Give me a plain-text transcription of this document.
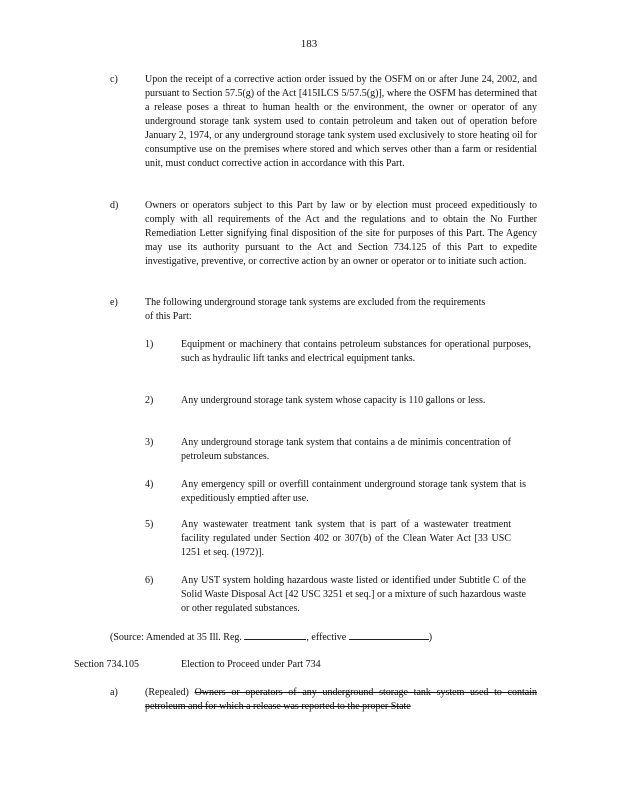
183
c)	Upon the receipt of a corrective action order issued by the OSFM on or after June 24, 2002, and pursuant to Section 57.5(g) of the Act [415ILCS 5/57.5(g)], where the OSFM has determined that a release poses a threat to human health or the environment, the owner or operator of any underground storage tank system used to contain petroleum and taken out of operation before January 2, 1974, or any underground storage tank system used exclusively to store heating oil for consumptive use on the premises where stored and which serves other than a farm or residential unit, must conduct corrective action in accordance with this Part.
d)	Owners or operators subject to this Part by law or by election must proceed expeditiously to comply with all requirements of the Act and the regulations and to obtain the No Further Remediation Letter signifying final disposition of the site for purposes of this Part. The Agency may use its authority pursuant to the Act and Section 734.125 of this Part to expedite investigative, preventive, or corrective action by an owner or operator or to initiate such action.
e)	The following underground storage tank systems are excluded from the requirements of this Part:
1)	Equipment or machinery that contains petroleum substances for operational purposes, such as hydraulic lift tanks and electrical equipment tanks.
2)	Any underground storage tank system whose capacity is 110 gallons or less.
3)	Any underground storage tank system that contains a de minimis concentration of petroleum substances.
4)	Any emergency spill or overfill containment underground storage tank system that is expeditiously emptied after use.
5)	Any wastewater treatment tank system that is part of a wastewater treatment facility regulated under Section 402 or 307(b) of the Clean Water Act [33 USC 1251 et seq. (1972)].
6)	Any UST system holding hazardous waste listed or identified under Subtitle C of the Solid Waste Disposal Act [42 USC 3251 et seq.] or a mixture of such hazardous waste or other regulated substances.
(Source: Amended at 35 Ill. Reg.	, effective	)
Section 734.105	Election to Proceed under Part 734
a)	(Repealed) Owners or operators of any underground storage tank system used to contain petroleum and for which a release was reported to the proper State
